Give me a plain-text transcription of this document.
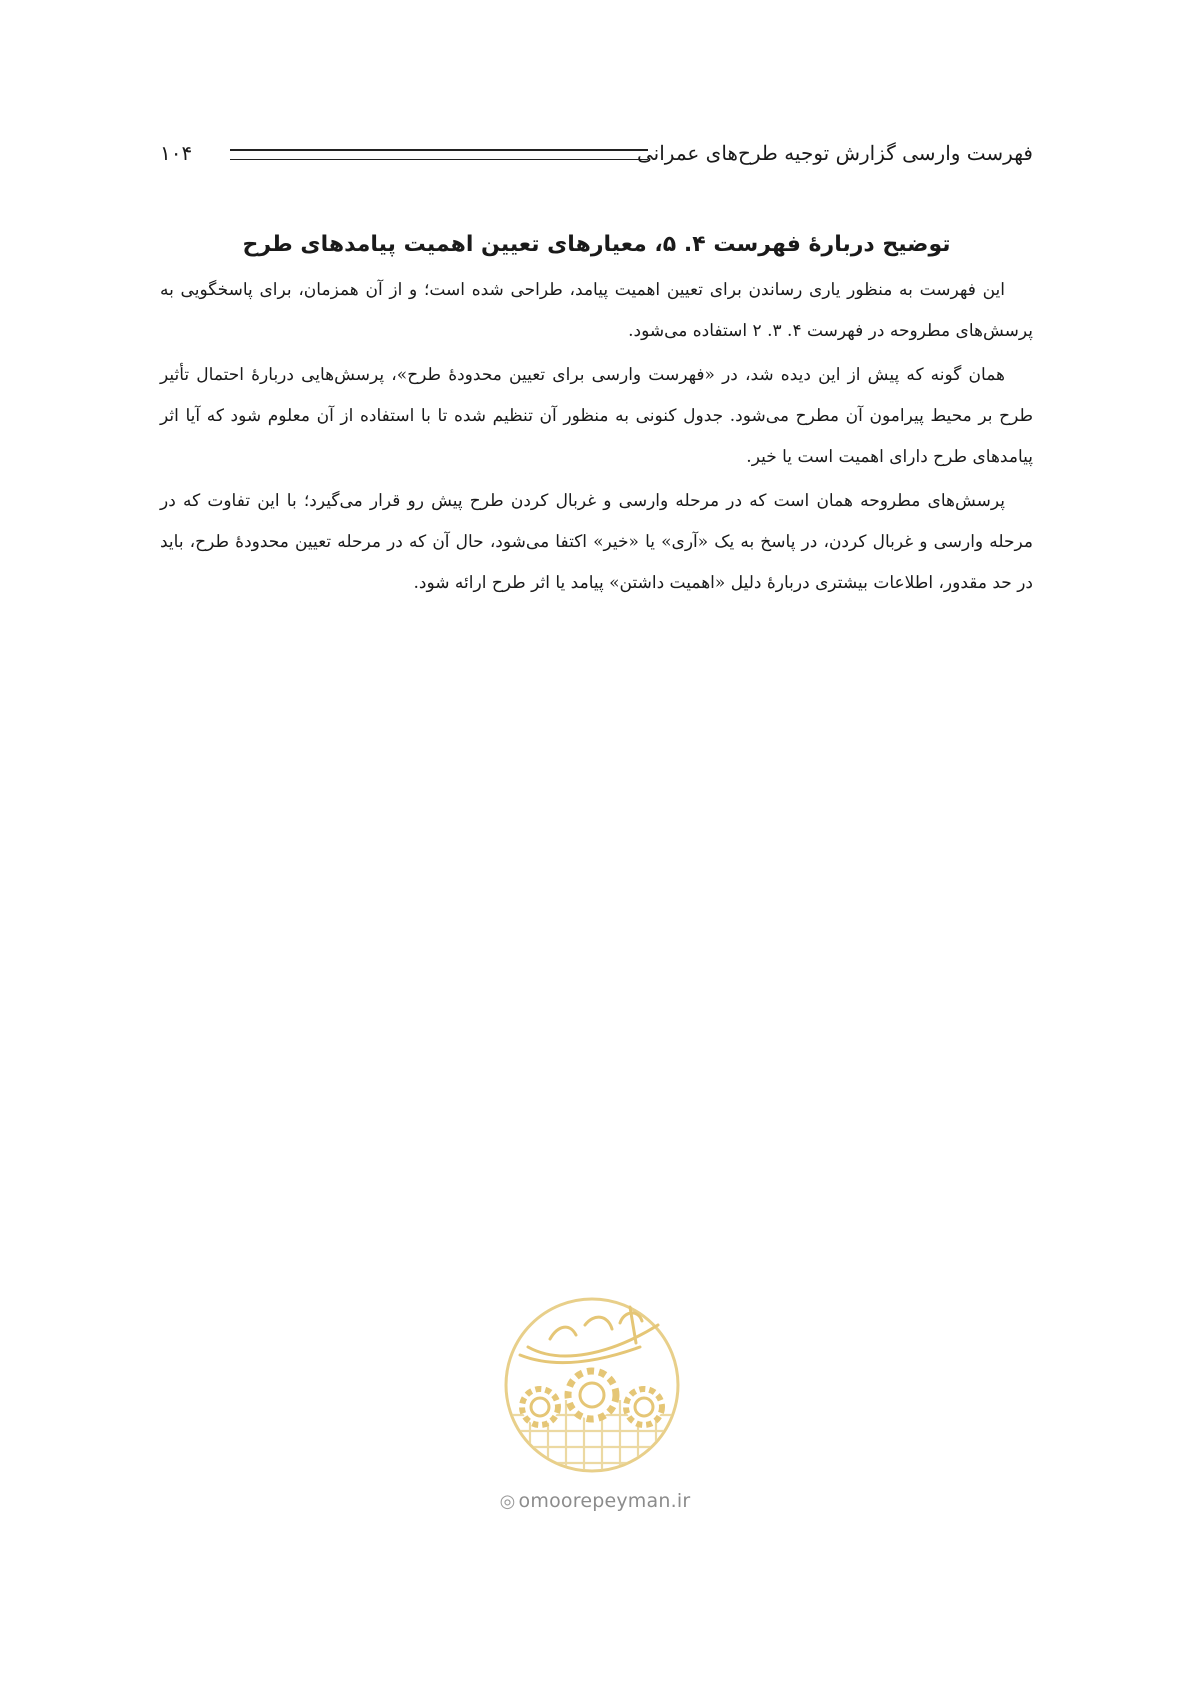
فهرست وارسی گزارش توجیه طرح‌های عمرانی
۱۰۴
توضیح دربارۀ فهرست ۴. ۵، معیارهای تعیین اهمیت پیامدهای طرح

این فهرست به منظور یاری رساندن برای تعیین اهمیت پیامد، طراحی شده است؛ و از آن همزمان، برای پاسخگویی به پرسش‌های مطروحه در فهرست ۴. ۳. ۲ استفاده می‌شود.

همان گونه که پیش از این دیده شد، در «فهرست وارسی برای تعیین محدودۀ طرح»، پرسش‌هایی دربارۀ احتمال تأثیر طرح بر محیط پیرامون آن مطرح می‌شود. جدول کنونی به منظور آن تنظیم شده تا با استفاده از آن معلوم شود که آیا اثر پیامدهای طرح دارای اهمیت است یا خیر.

پرسش‌های مطروحه همان است که در مرحله وارسی و غربال کردن طرح پیش رو قرار می‌گیرد؛ با این تفاوت که در مرحله وارسی و غربال کردن، در پاسخ به یک «آری» یا «خیر» اکتفا می‌شود، حال آن که در مرحله تعیین محدودۀ طرح، باید در حد مقدور، اطلاعات بیشتری دربارۀ دلیل «اهمیت داشتن» پیامد یا اثر طرح ارائه شود.

◎ omoorepeyman.ir
